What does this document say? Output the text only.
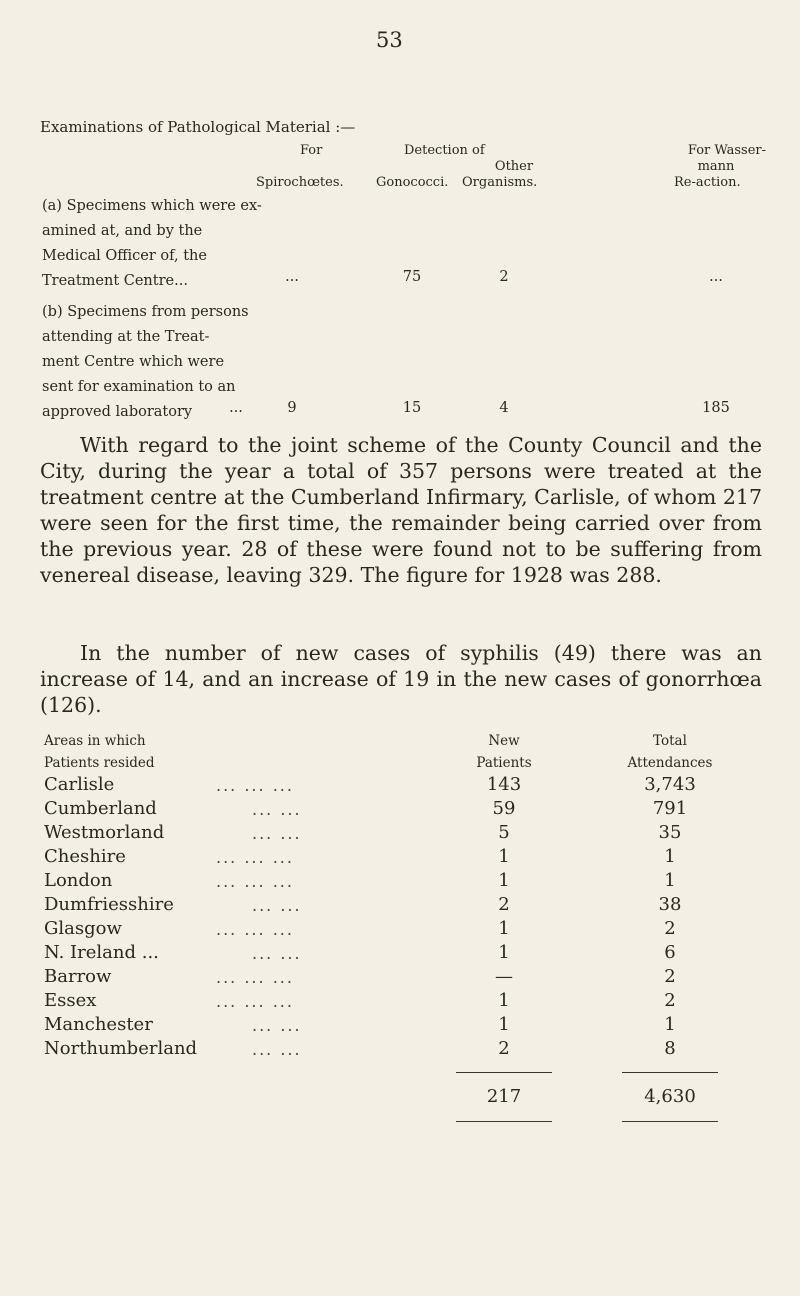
53
Examinations of Pathological Material :—
For	Detection of	For Wasser-
Other	mann
Spirochœtes. Gonococci. Organisms.	Re-action.
(a) Specimens which were ex-
amined at, and by the
Medical Officer of, the
Treatment Centre...	...	75	2	...
(b) Specimens from persons
attending at the Treat-
ment Centre which were
sent for examination to an
approved laboratory	...	9	15	4	185

With regard to the joint scheme of the County Council and the City, during the year a total of 357 persons were treated at the treatment centre at the Cumberland Infirmary, Carlisle, of whom 217 were seen for the first time, the remainder being carried over from the previous year. 28 of these were found not to be suffering from venereal disease, leaving 329. The figure for 1928 was 288.

In the number of new cases of syphilis (49) there was an increase of 14, and an increase of 19 in the new cases of gonorrhœa (126).

Areas in which
Patients resided
New
Patients
Total
Attendances
Carlisle	... ... ...	143	3,743
Cumberland	... ...	59	791
Westmorland	... ...	5	35
Cheshire	... ... ...	1	1
London	... ... ...	1	1
Dumfriesshire	... ...	2	38
Glasgow	... ... ...	1	2
N. Ireland ...	... ...	1	6
Barrow	... ... ...	—	2
Essex	... ... ...	1	2
Manchester	... ...	1	1
Northumberland	... ...	2	8
217	4,630
